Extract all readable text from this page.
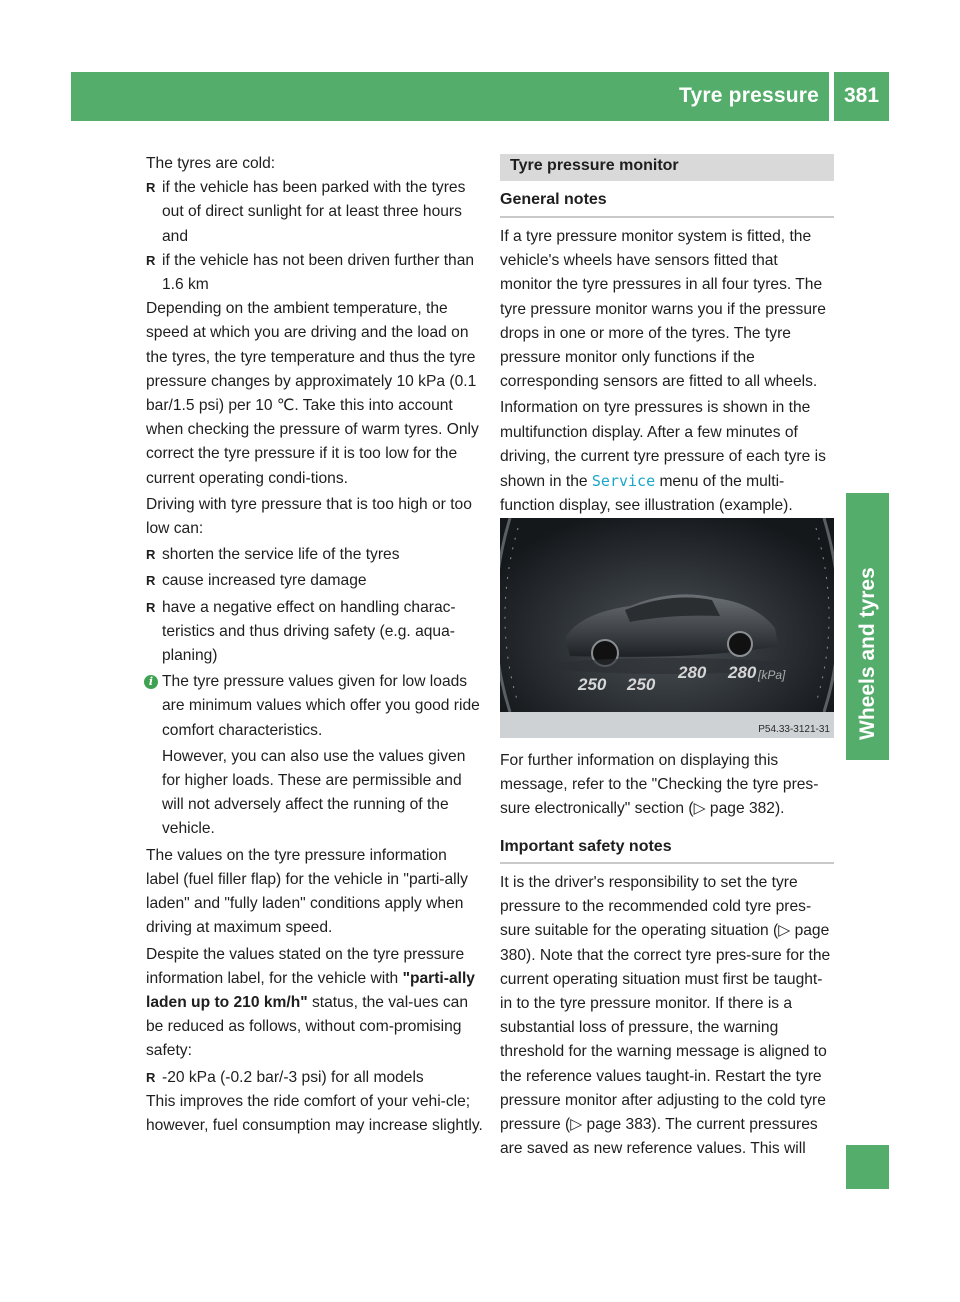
Tyre pressure	381
Wheels and tyres

The tyres are cold:

R if the vehicle has been parked with the tyres out of direct sunlight for at least three hours and

R if the vehicle has not been driven further than 1.6 km

Depending on the ambient temperature, the speed at which you are driving and the load on the tyres, the tyre temperature and thus the tyre pressure changes by approximately 10 kPa (0.1 bar/1.5 psi) per 10 ℃. Take this into account when checking the pressure of warm tyres. Only correct the tyre pressure if it is too low for the current operating condi-tions.

Driving with tyre pressure that is too high or too low can:

R shorten the service life of the tyres

R cause increased tyre damage

R have a negative effect on handling charac-teristics and thus driving safety (e.g. aqua-planing)

i The tyre pressure values given for low loads are minimum values which offer you good ride comfort characteristics.

However, you can also use the values given for higher loads. These are permissible and will not adversely affect the running of the vehicle.

The values on the tyre pressure information label (fuel filler flap) for the vehicle in "parti-ally laden" and "fully laden" conditions apply when driving at maximum speed.

Despite the values stated on the tyre pressure information label, for the vehicle with "parti-ally laden up to 210 km/h" status, the val-ues can be reduced as follows, without com-promising safety:

R -20 kPa (-0.2 bar/-3 psi) for all models

This improves the ride comfort of your vehi-cle; however, fuel consumption may increase slightly.

Tyre pressure monitor
General notes

If a tyre pressure monitor system is fitted, the vehicle's wheels have sensors fitted that monitor the tyre pressures in all four tyres. The tyre pressure monitor warns you if the pressure drops in one or more of the tyres. The tyre pressure monitor only functions if the corresponding sensors are fitted to all wheels.

Information on tyre pressures is shown in the multifunction display. After a few minutes of driving, the current tyre pressure of each tyre is shown in the Service menu of the multi-function display, see illustration (example).

250 250
280 280 [kPa]
P54.33-3121-31

For further information on displaying this message, refer to the "Checking the tyre pres-sure electronically" section (▷ page 382).

Important safety notes

It is the driver's responsibility to set the tyre pressure to the recommended cold tyre pres-sure suitable for the operating situation (▷ page 380). Note that the correct tyre pres-sure for the current operating situation must first be taught-in to the tyre pressure monitor. If there is a substantial loss of pressure, the warning threshold for the warning message is aligned to the reference values taught-in. Restart the tyre pressure monitor after adjusting to the cold tyre pressure (▷ page 383). The current pressures are saved as new reference values. This will
